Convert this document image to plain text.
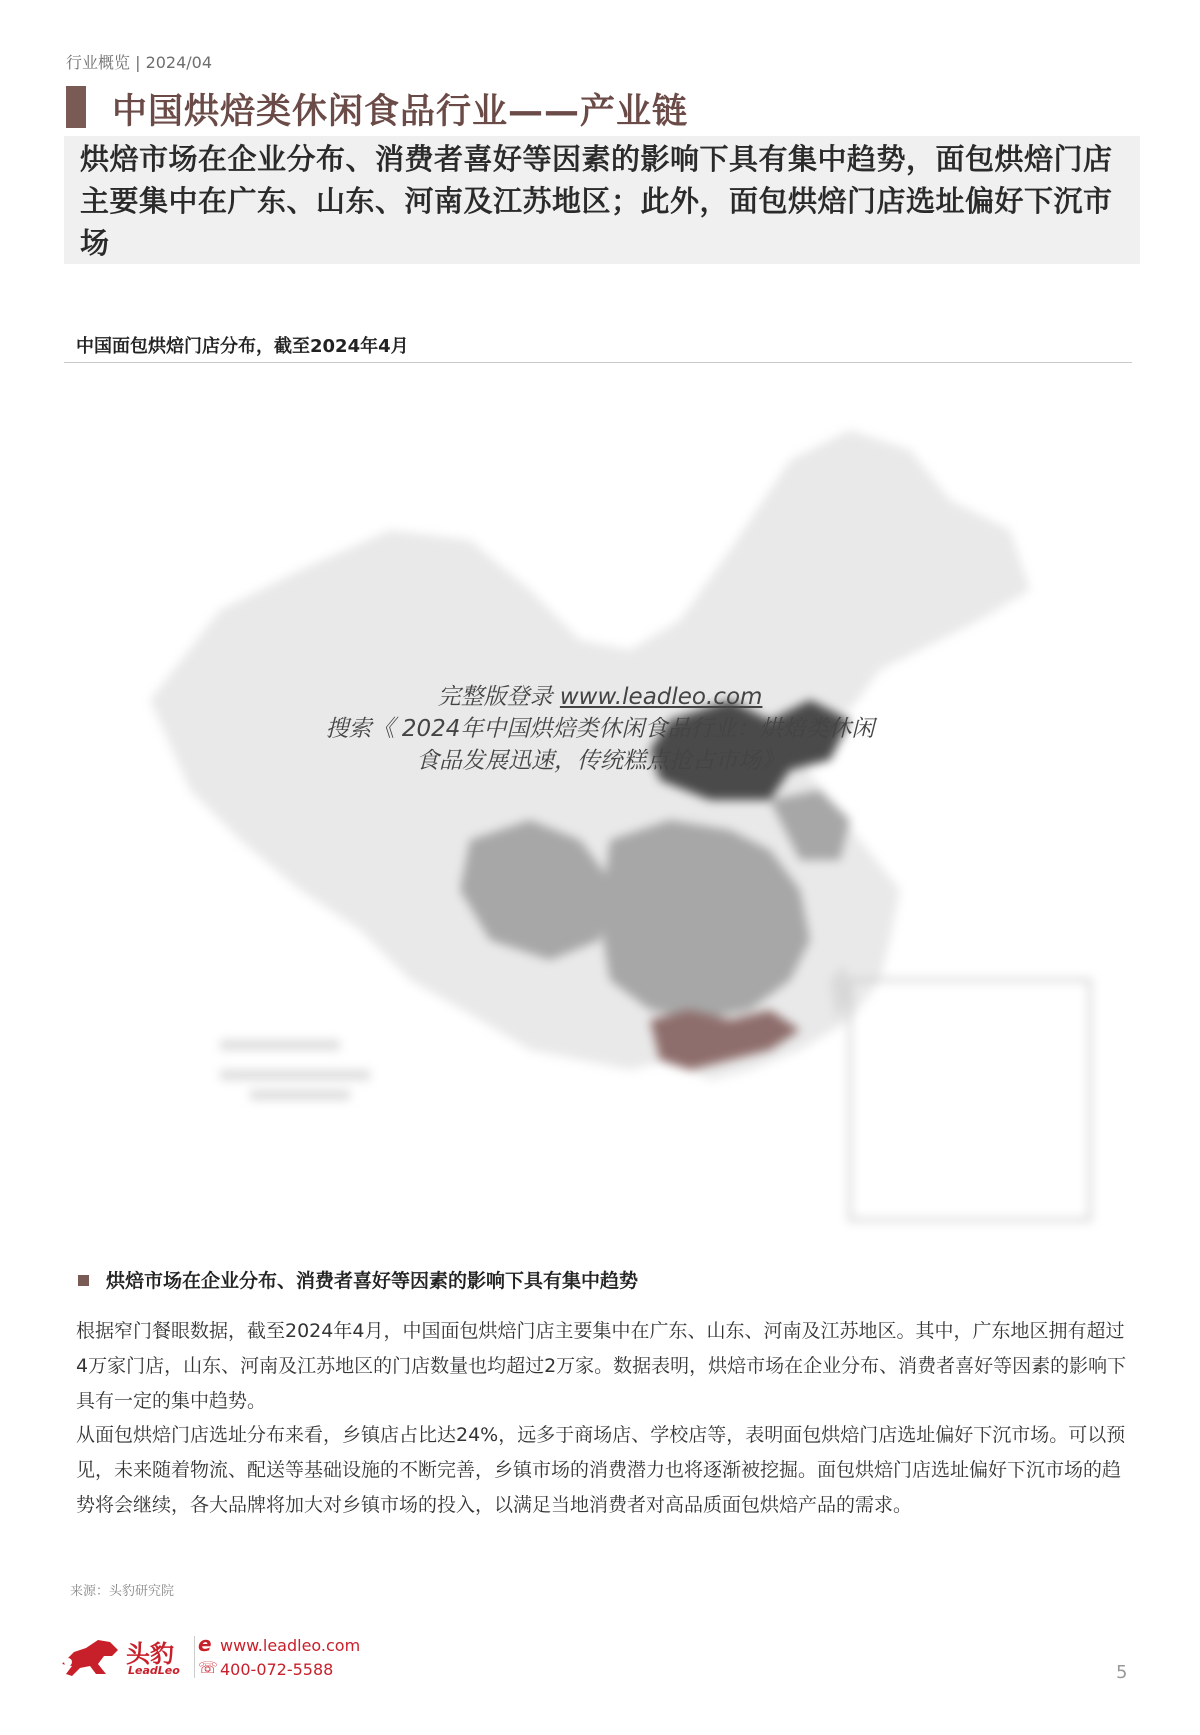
行业概览 | 2024/04
中国烘焙类休闲食品行业——产业链
烘焙市场在企业分布、消费者喜好等因素的影响下具有集中趋势，面包烘焙门店主要集中在广东、山东、河南及江苏地区；此外，面包烘焙门店选址偏好下沉市场
中国面包烘焙门店分布，截至2024年4月
完整版登录 www.leadleo.com
搜索《 2024年中国烘焙类休闲食品行业：烘焙类休闲
食品发展迅速，传统糕点抢占市场》
烘焙市场在企业分布、消费者喜好等因素的影响下具有集中趋势
根据窄门餐眼数据，截至2024年4月，中国面包烘焙门店主要集中在广东、山东、河南及江苏地区。其中，广东地区拥有超过4万家门店，山东、河南及江苏地区的门店数量也均超过2万家。数据表明，烘焙市场在企业分布、消费者喜好等因素的影响下具有一定的集中趋势。
从面包烘焙门店选址分布来看，乡镇店占比达24%，远多于商场店、学校店等，表明面包烘焙门店选址偏好下沉市场。可以预见，未来随着物流、配送等基础设施的不断完善，乡镇市场的消费潜力也将逐渐被挖掘。面包烘焙门店选址偏好下沉市场的趋势将会继续，各大品牌将加大对乡镇市场的投入，以满足当地消费者对高品质面包烘焙产品的需求。
来源：头豹研究院
头豹
LeadLeo
e www.leadleo.com
☏ 400-072-5588	5
